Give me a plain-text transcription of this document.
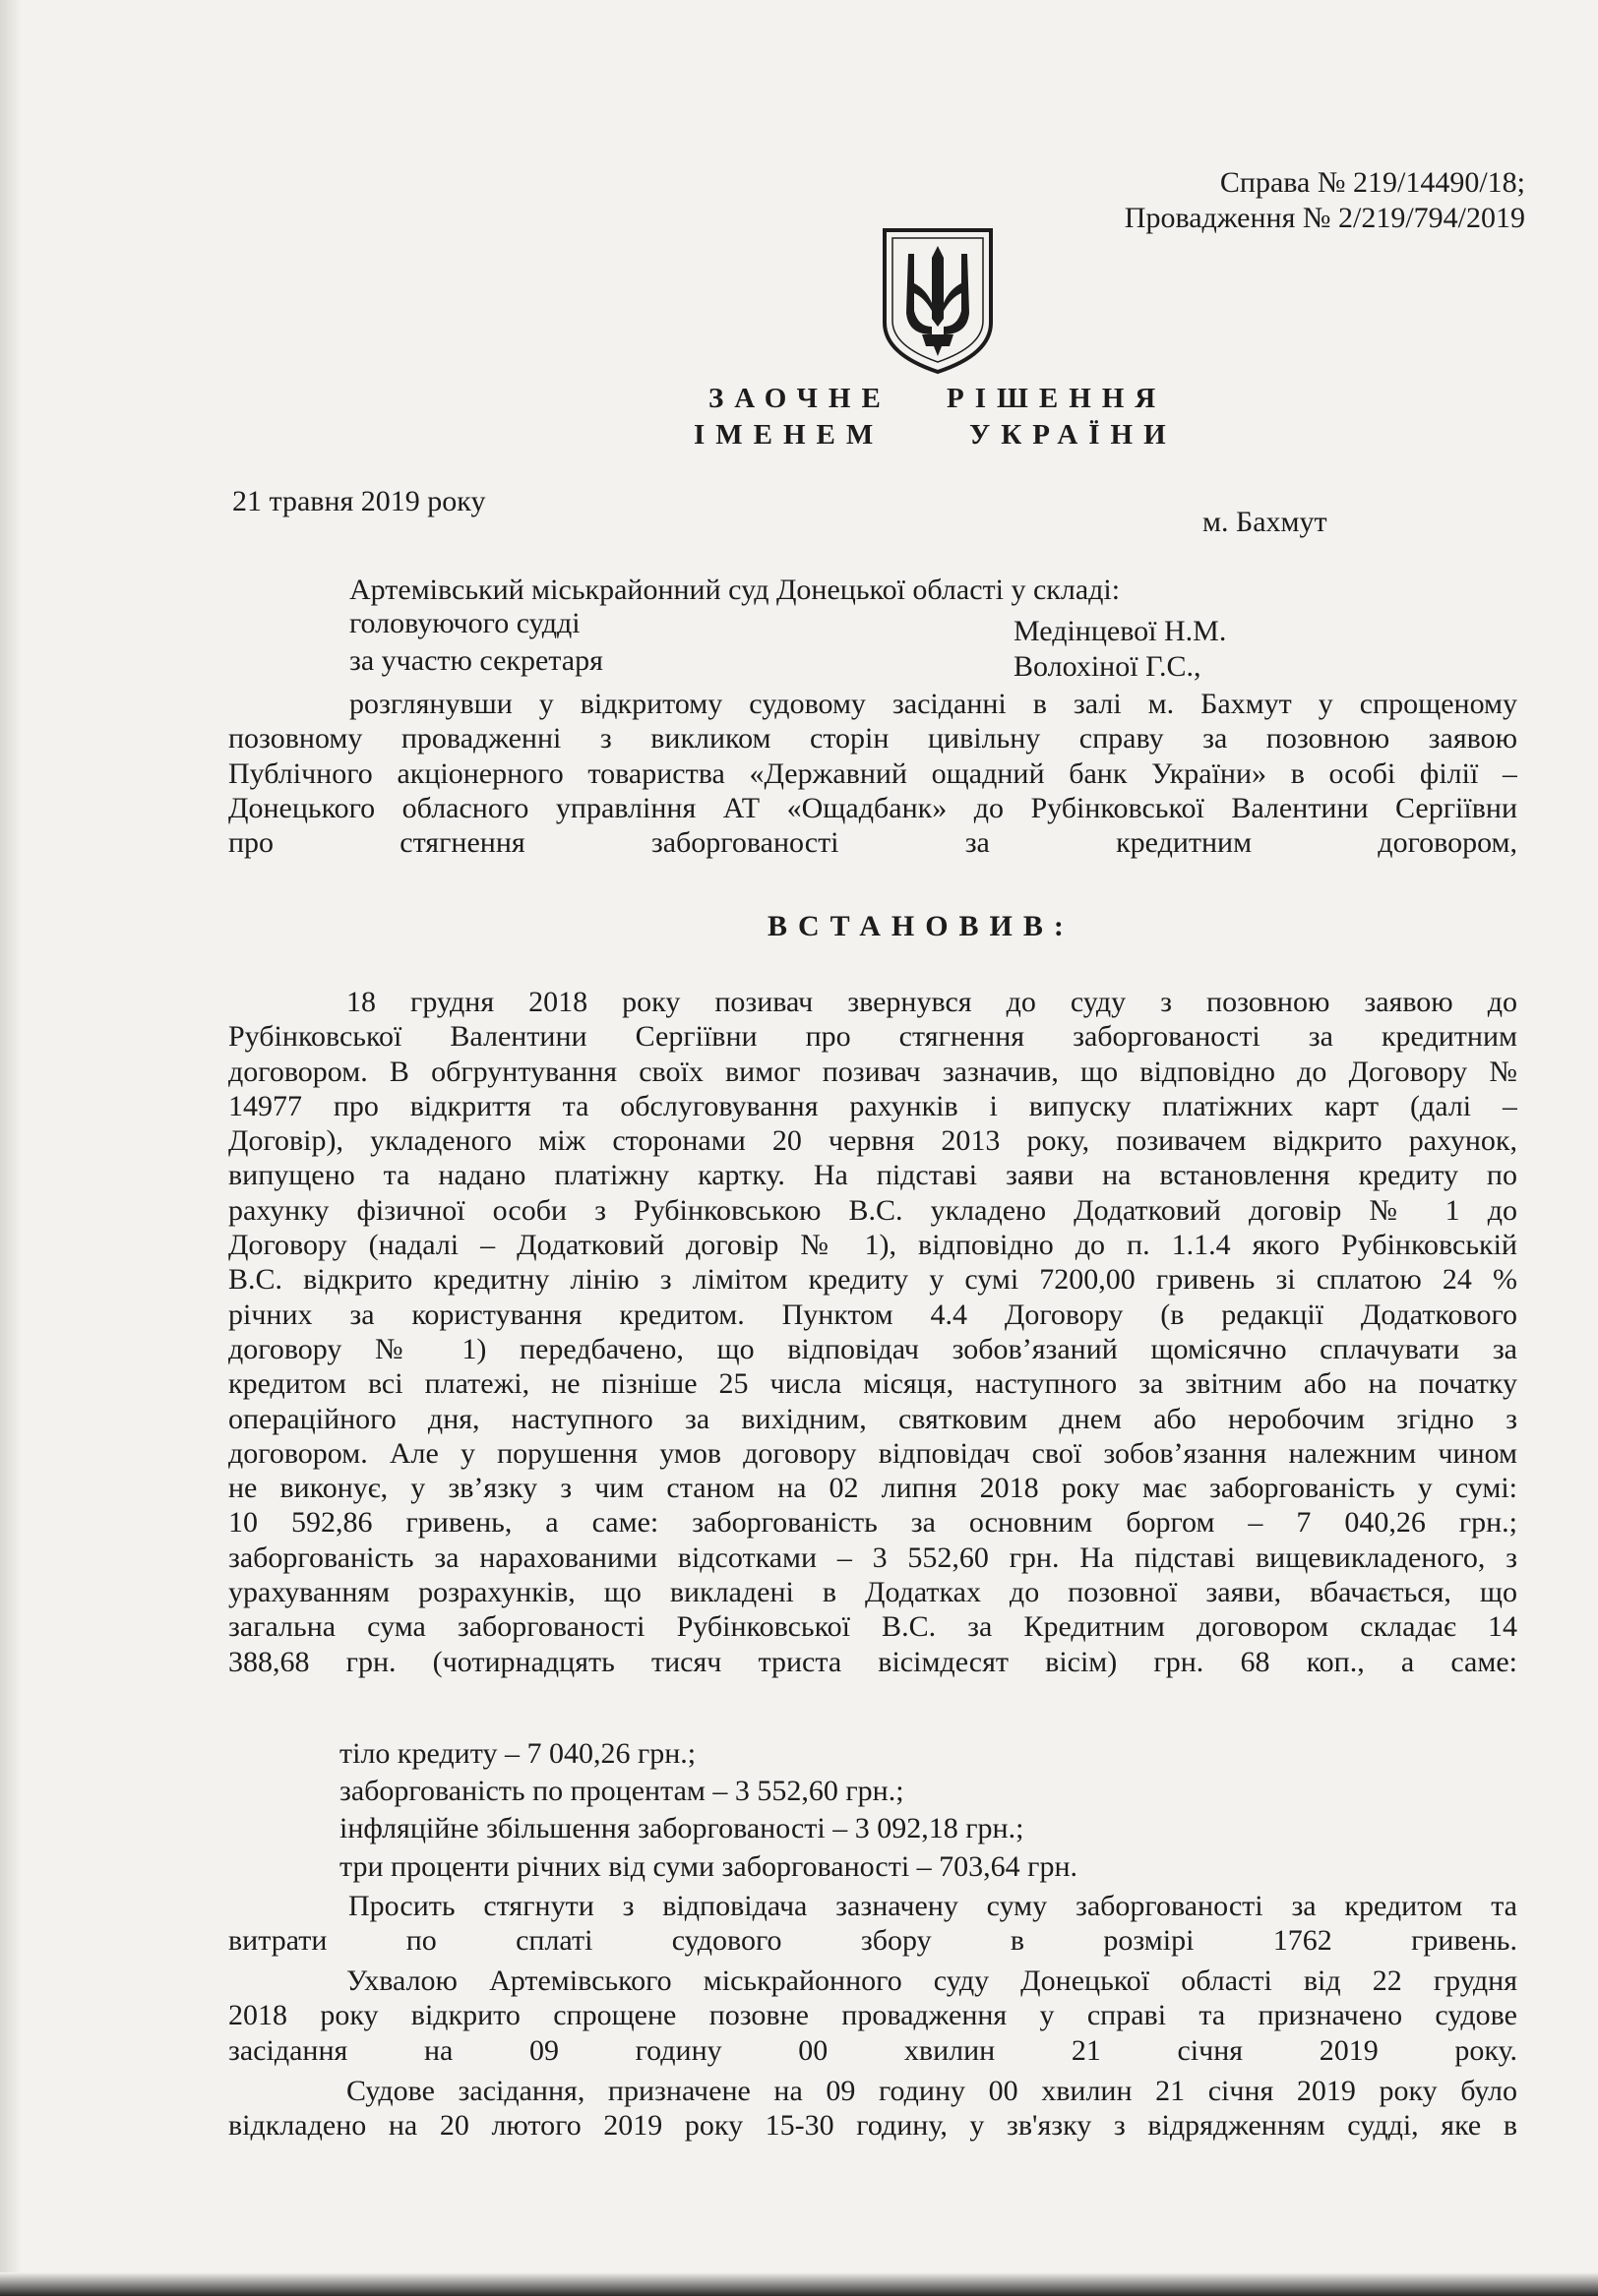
Справа № 219/14490/18;
Провадження № 2/219/794/2019
ЗАОЧНЕ РІШЕННЯ
ІМЕНЕМ	УКРАЇНИ
21 травня 2019 року
м. Бахмут
Артемівський міськрайонний суд Донецької області у складі:
головуючого судді	Медінцевої Н.М.
за участю секретаря	Волохіної Г.С.,
розглянувши у відкритому судовому засіданні в залі м. Бахмут у спрощеному
позовному провадженні з викликом сторін цивільну справу за позовною заявою
Публічного акціонерного товариства «Державний ощадний банк України» в особі філії –
Донецького обласного управління АТ «Ощадбанк» до Рубінковської Валентини Сергіївни
про стягнення заборгованості за кредитним договором,
ВСТАНОВИВ:
18 грудня 2018 року позивач звернувся до суду з позовною заявою до
Рубінковської Валентини Сергіївни про стягнення заборгованості за кредитним
договором. В обгрунтування своїх вимог позивач зазначив, що відповідно до Договору №
14977 про відкриття та обслуговування рахунків і випуску платіжних карт (далі –
Договір), укладеного між сторонами 20 червня 2013 року, позивачем відкрито рахунок,
випущено та надано платіжну картку. На підставі заяви на встановлення кредиту по
рахунку фізичної особи з Рубінковською В.С. укладено Додатковий договір № 1 до
Договору (надалі – Додатковий договір № 1), відповідно до п. 1.1.4 якого Рубінковській
В.С. відкрито кредитну лінію з лімітом кредиту у сумі 7200,00 гривень зі сплатою 24 %
річних за користування кредитом. Пунктом 4.4 Договору (в редакції Додаткового
договору № 1) передбачено, що відповідач зобов’язаний щомісячно сплачувати за
кредитом всі платежі, не пізніше 25 числа місяця, наступного за звітним або на початку
операційного дня, наступного за вихідним, святковим днем або неробочим згідно з
договором. Але у порушення умов договору відповідач свої зобов’язання належним чином
не виконує, у зв’язку з чим станом на 02 липня 2018 року має заборгованість у сумі:
10 592,86 гривень, а саме: заборгованість за основним боргом – 7 040,26 грн.;
заборгованість за нарахованими відсотками – 3 552,60 грн. На підставі вищевикладеного, з
урахуванням розрахунків, що викладені в Додатках до позовної заяви, вбачається, що
загальна сума заборгованості Рубінковської В.С. за Кредитним договором складає 14
388,68 грн. (чотирнадцять тисяч триста вісімдесят вісім) грн. 68 коп., а саме:
тіло кредиту – 7 040,26 грн.;
заборгованість по процентам – 3 552,60 грн.;
інфляційне збільшення заборгованості – 3 092,18 грн.;
три проценти річних від суми заборгованості – 703,64 грн.
Просить стягнути з відповідача зазначену суму заборгованості за кредитом та
витрати по сплаті судового збору в розмірі 1762 гривень.
Ухвалою Артемівського міськрайонного суду Донецької області від 22 грудня
2018 року відкрито спрощене позовне провадження у справі та призначено судове
засідання на 09 годину 00 хвилин 21 січня 2019 року.
Судове засідання, призначене на 09 годину 00 хвилин 21 січня 2019 року було
відкладено на 20 лютого 2019 року 15-30 годину, у зв'язку з відрядженням судді, яке в
